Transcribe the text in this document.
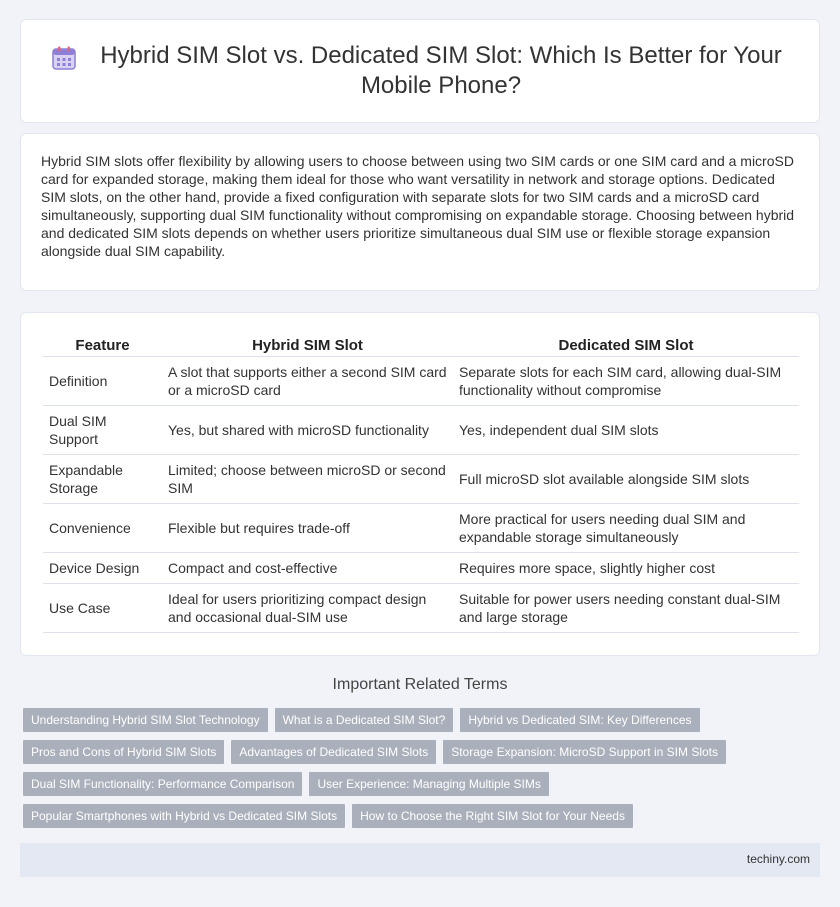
Hybrid SIM Slot vs. Dedicated SIM Slot: Which Is Better for Your Mobile Phone?

Hybrid SIM slots offer flexibility by allowing users to choose between using two SIM cards or one SIM card and a microSD card for expanded storage, making them ideal for those who want versatility in network and storage options. Dedicated SIM slots, on the other hand, provide a fixed configuration with separate slots for two SIM cards and a microSD card simultaneously, supporting dual SIM functionality without compromising on expandable storage. Choosing between hybrid and dedicated SIM slots depends on whether users prioritize simultaneous dual SIM use or flexible storage expansion alongside dual SIM capability.

Feature	Hybrid SIM Slot	Dedicated SIM Slot
Definition	A slot that supports either a second SIM card or a microSD card	Separate slots for each SIM card, allowing dual-SIM functionality without compromise
Dual SIM Support	Yes, but shared with microSD functionality	Yes, independent dual SIM slots
Expandable Storage	Limited; choose between microSD or second SIM	Full microSD slot available alongside SIM slots
Convenience	Flexible but requires trade-off	More practical for users needing dual SIM and expandable storage simultaneously
Device Design	Compact and cost-effective	Requires more space, slightly higher cost
Use Case	Ideal for users prioritizing compact design and occasional dual-SIM use	Suitable for power users needing constant dual-SIM and large storage
Important Related Terms
Understanding Hybrid SIM Slot Technology	What is a Dedicated SIM Slot?	Hybrid vs Dedicated SIM: Key Differences
Pros and Cons of Hybrid SIM Slots	Advantages of Dedicated SIM Slots	Storage Expansion: MicroSD Support in SIM Slots
Dual SIM Functionality: Performance Comparison	User Experience: Managing Multiple SIMs
Popular Smartphones with Hybrid vs Dedicated SIM Slots	How to Choose the Right SIM Slot for Your Needs
techiny.com
